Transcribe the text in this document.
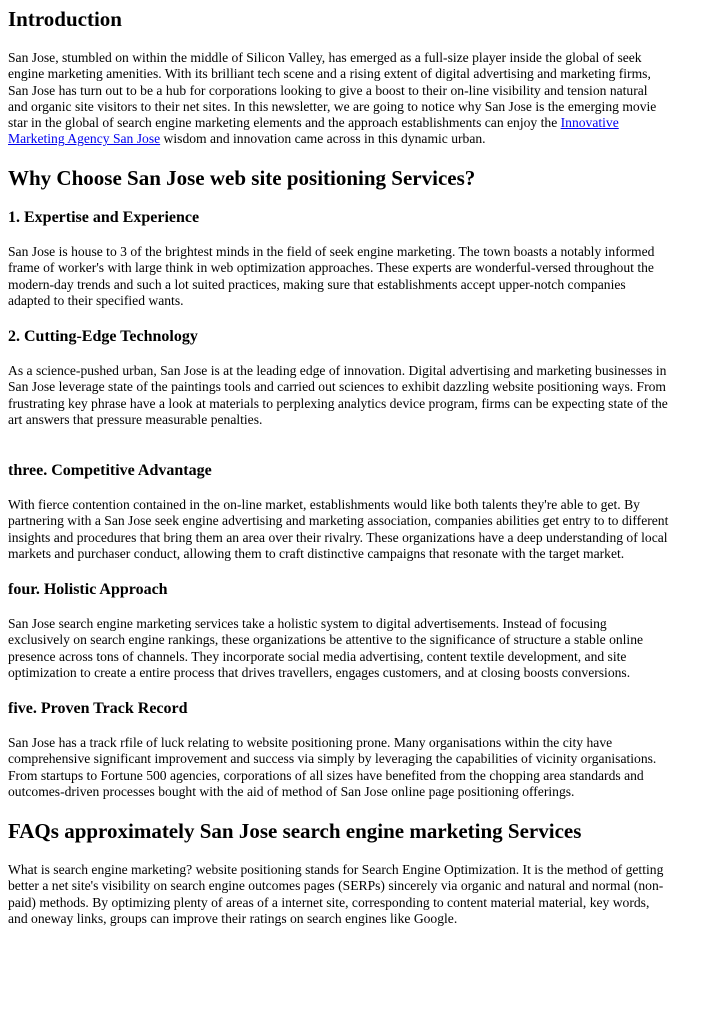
Introduction

San Jose, stumbled on within the middle of Silicon Valley, has emerged as a full-size player inside the global of seek
engine marketing amenities. With its brilliant tech scene and a rising extent of digital advertising and marketing firms,
San Jose has turn out to be a hub for corporations looking to give a boost to their on-line visibility and tension natural
and organic site visitors to their net sites. In this newsletter, we are going to notice why San Jose is the emerging movie
star in the global of search engine marketing elements and the approach establishments can enjoy the Innovative
Marketing Agency San Jose wisdom and innovation came across in this dynamic urban.

Why Choose San Jose web site positioning Services?
1. Expertise and Experience

San Jose is house to 3 of the brightest minds in the field of seek engine marketing. The town boasts a notably informed
frame of worker's with large think in web optimization approaches. These experts are wonderful-versed throughout the
modern-day trends and such a lot suited practices, making sure that establishments accept upper-notch companies
adapted to their specified wants.

2. Cutting-Edge Technology

As a science-pushed urban, San Jose is at the leading edge of innovation. Digital advertising and marketing businesses in
San Jose leverage state of the paintings tools and carried out sciences to exhibit dazzling website positioning ways. From
frustrating key phrase have a look at materials to perplexing analytics device program, firms can be expecting state of the
art answers that pressure measurable penalties.

three. Competitive Advantage

With fierce contention contained in the on-line market, establishments would like both talents they're able to get. By
partnering with a San Jose seek engine advertising and marketing association, companies abilities get entry to to different
insights and procedures that bring them an area over their rivalry. These organizations have a deep understanding of local
markets and purchaser conduct, allowing them to craft distinctive campaigns that resonate with the target market.

four. Holistic Approach

San Jose search engine marketing services take a holistic system to digital advertisements. Instead of focusing
exclusively on search engine rankings, these organizations be attentive to the significance of structure a stable online
presence across tons of channels. They incorporate social media advertising, content textile development, and site
optimization to create a entire process that drives travellers, engages customers, and at closing boosts conversions.

five. Proven Track Record

San Jose has a track rfile of luck relating to website positioning prone. Many organisations within the city have
comprehensive significant improvement and success via simply by leveraging the capabilities of vicinity organisations.
From startups to Fortune 500 agencies, corporations of all sizes have benefited from the chopping area standards and
outcomes-driven processes bought with the aid of method of San Jose online page positioning offerings.

FAQs approximately San Jose search engine marketing Services

What is search engine marketing? website positioning stands for Search Engine Optimization. It is the method of getting
better a net site's visibility on search engine outcomes pages (SERPs) sincerely via organic and natural and normal (non-
paid) methods. By optimizing plenty of areas of a internet site, corresponding to content material material, key words,
and oneway links, groups can improve their ratings on search engines like Google.
